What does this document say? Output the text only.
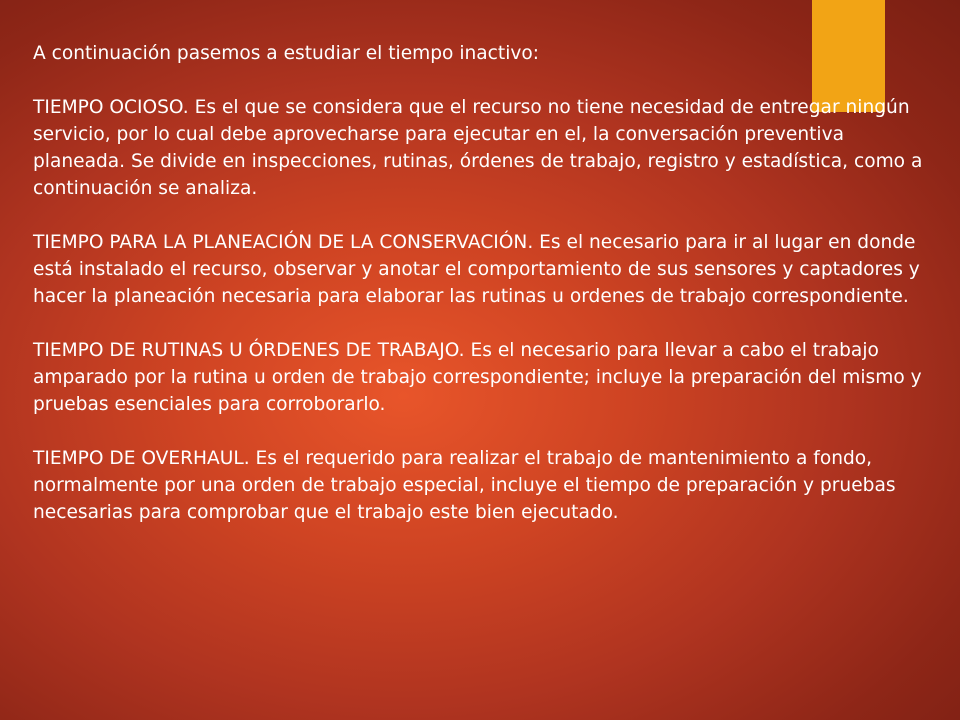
A continuación pasemos a estudiar el tiempo inactivo:

TIEMPO OCIOSO. Es el que se considera que el recurso no tiene necesidad de entregar ningún servicio, por lo cual debe aprovecharse para ejecutar en el, la conversación preventiva planeada. Se divide en inspecciones, rutinas, órdenes de trabajo, registro y estadística, como a continuación se analiza.

TIEMPO PARA LA PLANEACIÓN DE LA CONSERVACIÓN. Es el necesario para ir al lugar en donde está instalado el recurso, observar y anotar el comportamiento de sus sensores y captadores y hacer la planeación necesaria para elaborar las rutinas u ordenes de trabajo correspondiente.

TIEMPO DE RUTINAS U ÓRDENES DE TRABAJO. Es el necesario para llevar a cabo el trabajo amparado por la rutina u orden de trabajo correspondiente; incluye la preparación del mismo y pruebas esenciales para corroborarlo.

TIEMPO DE OVERHAUL. Es el requerido para realizar el trabajo de mantenimiento a fondo, normalmente por una orden de trabajo especial, incluye el tiempo de preparación y pruebas necesarias para comprobar que el trabajo este bien ejecutado.
